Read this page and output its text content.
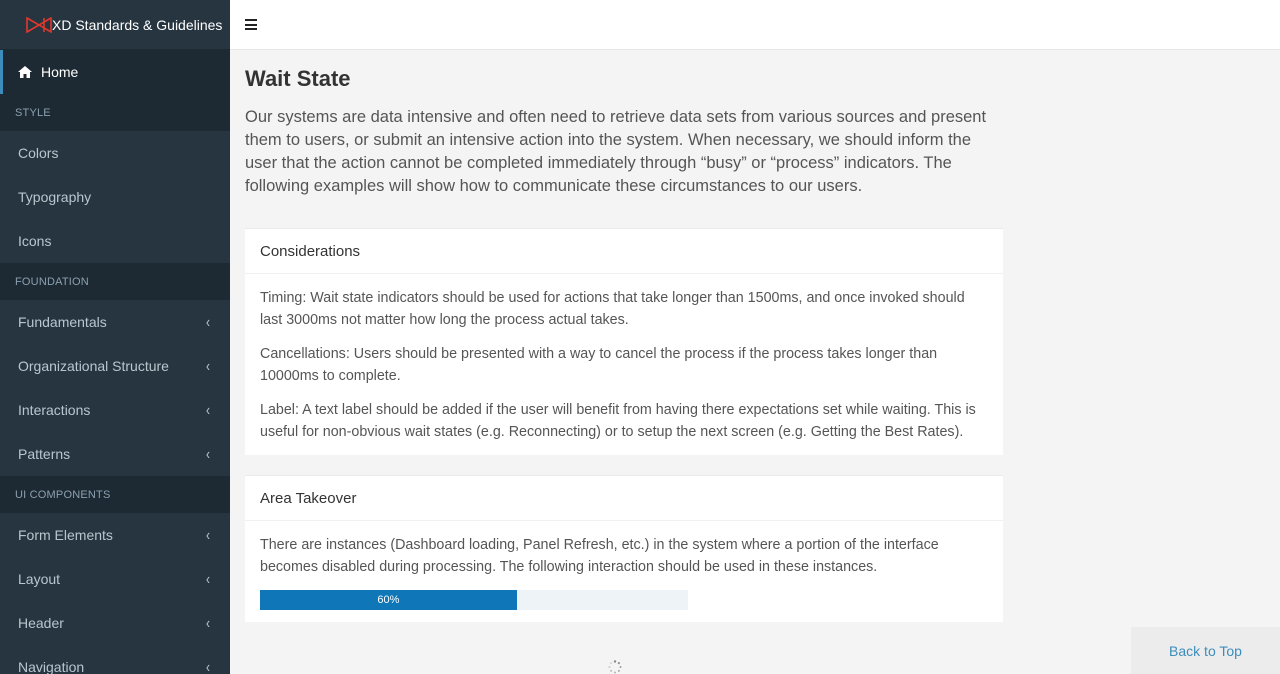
XD Standards & Guidelines
Home
STYLE
Colors
Typography
Icons
FOUNDATION
Fundamentals	‹
Organizational Structure	‹
Interactions	‹
Patterns	‹
UI COMPONENTS
Form Elements	‹
Layout	‹
Header	‹
Navigation	‹
Wait State

Our systems are data intensive and often need to retrieve data sets from various sources and present them to users, or submit an intensive action into the system. When necessary, we should inform the user that the action cannot be completed immediately through “busy” or “process” indicators. The following examples will show how to communicate these circumstances to our users.

Considerations

Timing: Wait state indicators should be used for actions that take longer than 1500ms, and once invoked should last 3000ms not matter how long the process actual takes.

Cancellations: Users should be presented with a way to cancel the process if the process takes longer than 10000ms to complete.

Label: A text label should be added if the user will benefit from having there expectations set while waiting. This is useful for non-obvious wait states (e.g. Reconnecting) or to setup the next screen (e.g. Getting the Best Rates).

Area Takeover

There are instances (Dashboard loading, Panel Refresh, etc.) in the system where a portion of the interface becomes disabled during processing. The following interaction should be used in these instances.

60%
Back to Top
